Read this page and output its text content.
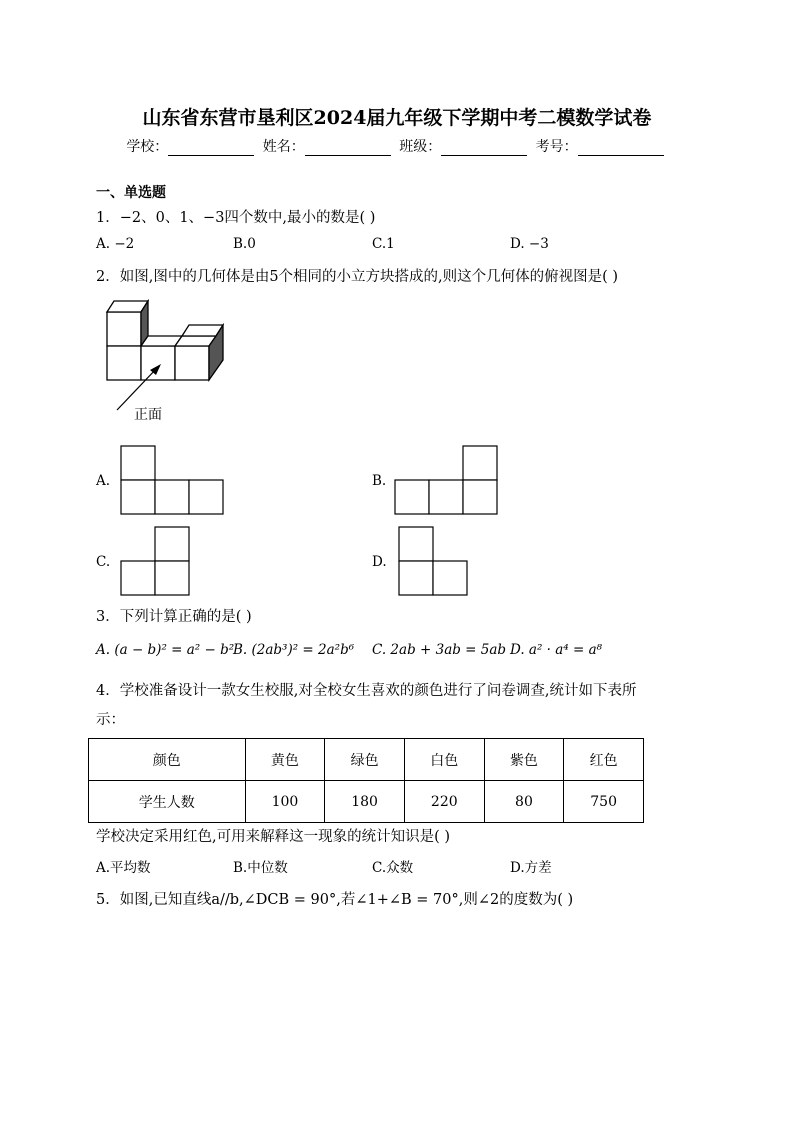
山东省东营市垦利区2024届九年级下学期中考二模数学试卷
学校：	姓名：	班级：	考号：
一、单选题
1．−2、0、1、−3四个数中,最小的数是( )
A. −2	B.0	C.1	D. −3
2．如图,图中的几何体是由5个相同的小立方块搭成的,则这个几何体的俯视图是( )
正面
A.	B.
C.	D.
3．下列计算正确的是( )
A. (a − b)² = a² − b²
B. (2ab³)² = 2a²b⁶ C. 2ab + 3ab = 5ab D. a² · a⁴ = a⁸
4．学校准备设计一款女生校服,对全校女生喜欢的颜色进行了问卷调查,统计如下表所
示：
颜色	黄色	绿色	白色	紫色	红色
学生人数	100	180	220	80	750
学校决定采用红色,可用来解释这一现象的统计知识是( )
A.平均数	B.中位数	C.众数	D.方差
5．如图,已知直线a//b,∠DCB = 90°,若∠1+∠B = 70°,则∠2的度数为( )
